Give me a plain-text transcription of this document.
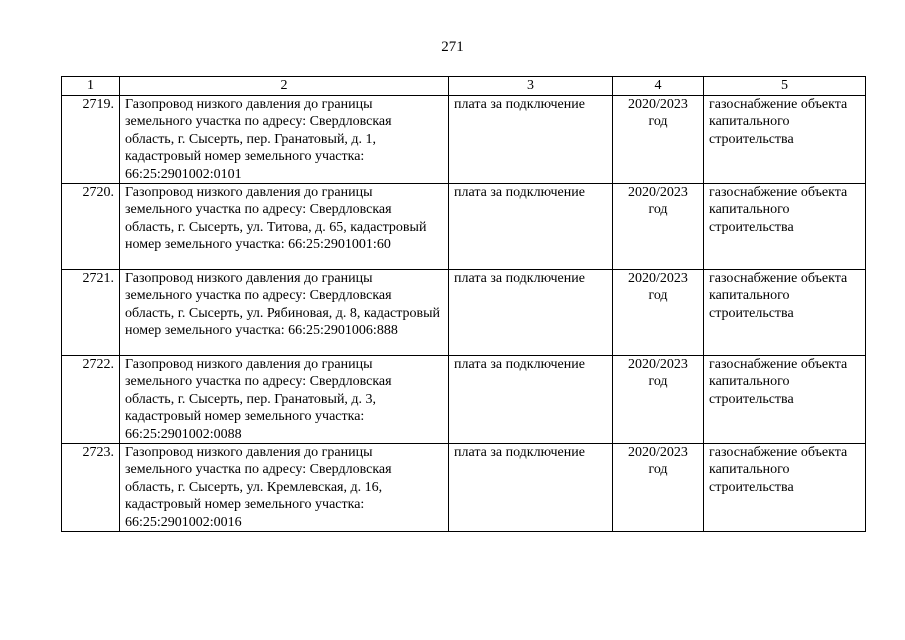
271
1	2	3	4	5
2719.	Газопровод низкого давления до границы земельного участка по адресу: Свердловская область, г. Сысерть, пер. Гранатовый, д. 1, кадастровый номер земельного участка: 66:25:2901002:0101	плата за подключение	2020/2023 год	газоснабжение объекта капитального строительства
2720.	Газопровод низкого давления до границы земельного участка по адресу: Свердловская область, г. Сысерть, ул. Титова, д. 65, кадастровый номер земельного участка: 66:25:2901001:60	плата за подключение	2020/2023 год	газоснабжение объекта капитального строительства
2721.	Газопровод низкого давления до границы земельного участка по адресу: Свердловская область, г. Сысерть, ул. Рябиновая, д. 8, кадастровый номер земельного участка: 66:25:2901006:888	плата за подключение	2020/2023 год	газоснабжение объекта капитального строительства
2722.	Газопровод низкого давления до границы земельного участка по адресу: Свердловская область, г. Сысерть, пер. Гранатовый, д. 3, кадастровый номер земельного участка: 66:25:2901002:0088	плата за подключение	2020/2023 год	газоснабжение объекта капитального строительства
2723.	Газопровод низкого давления до границы земельного участка по адресу: Свердловская область, г. Сысерть, ул. Кремлевская, д. 16, кадастровый номер земельного участка: 66:25:2901002:0016	плата за подключение	2020/2023 год	газоснабжение объекта капитального строительства
